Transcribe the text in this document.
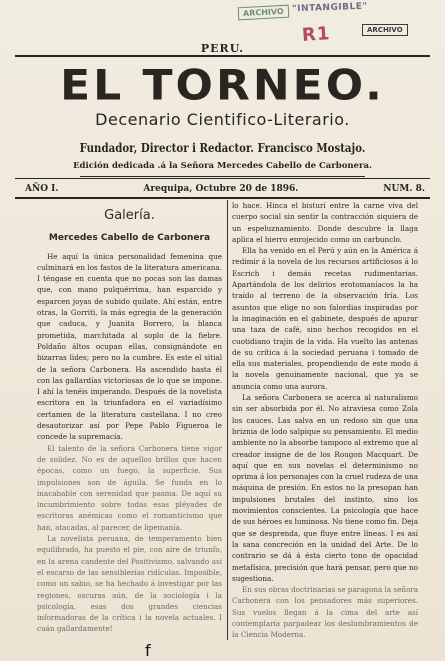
ARCHIVO "INTANGIBLE"
R1	ARCHIVO
PERU.
EL TORNEO.
Decenario Cientifico-Literario.
Fundador, Director i Redactor. Francisco Mostajo.
Edición dedicada .á la Señora Mercedes Cabello de Carbonera.
AÑO I.	Arequipa, Octubre 20 de 1896.	NUM. 8.
Galería.
Mercedes Cabello de Carbonera

He aquí la única personalidad femenina que culminará en los fastos de la literatura americana. I téngase en cuenta que no pocas son las damas que, con mano pulquérrima, han esparcido y esparcen joyas de subido quilate. Ahí están, entre otras, la Gorriti, la más egregia de la generación que caduca, y Juanita Borrero, la blanca prometida, marchitada al soplo de la fiebre. Poldaño áltos ocupan ellas, consignándote en bizarras lides; pero no la cumbre. Es este el sitial de la señora Carbonera. Ha ascendido hasta él con las gallardías victoriosas de lo que se impone. I ahí la tenéis imperando. Después de la novelista escritora en la triunfadora en el variadísimo certamen de la literatura castellana. I no creo desautorizar así por Pepe Pablo Figueroa le concede la supremacía.

El talento de la señora Carbonera tiene vigor de solidez. No es de aquellos brillos que hacen épocas, como un fuego, la superficie. Sus impulsiones son de águila. Se funda en lo inacabable con serenidad que pasma. De aquí su incumbrimiento sobre todas esas pléyades de escritoras anémicas como el romanticismo que han, atacadas, al parecer, de lipemanía.

La novelista peruana, de temperamento bien equilibrado, ha puesto el pie, con aire de triunfo, en la arena candente del Positivismo, salvando así el escarso de las sensiblerías ridículas. Imposible, como un sabio, se ha hechado á investigar por las regiones, oscuras aún, de la sociología i la psicología, esas dos grandes ciencias informadoras de la crítica i la novela actuales. I cuán gallardamente!

lo hace. Hinca el bisturí entre la carne viva del cuerpo social sin sentir la contracción siquiera de un espeluznamiento. Donde descubre la llaga aplica el hierro enrojecido como un carbunclo.

Ella ha venido en el Perú y aún en la América á redimir á la novela de los recursos artificiosos á lo Escrich i demás recetas rudimentarias. Apartándola de los delirios erotomaníacos la ha traído al terreno de la observación fría. Los asuntos que elige no son falordias inspiradas por la imaginación en el gabinete, después de apurar una taza de café, sino hechos recogidos en el cuotidiano trajín de la vida. Ha vuelto las antenas de su crítica á la sociedad peruana i tomado de ella sus materiales, propendiendo de este modo á la novela genuinamente nacional, que ya se anuncia como una aurora.

La señora Carbonera se acerca al naturalismo sin ser absorbida por él. No atraviesa como Zola los cauces. Las salva en un redoso sin que una briznia de lodo salpique su pensamiento. El medio ambiente no la absorbe tampoco al extremo que al creador insigne de de los Rougon Macquart. De aquí que en sus novelas el determinismo no oprima á los personajes con la cruel rudeza de una máquina de presión. En estos no la presopan han impulsiones brutales del instinto, sino los movimientos conscientes. La psicología que hace de sus héroes es luminosa. No tiene como fin. Deja que se desprenda, que fluye entre líneas. I es así la sana concreción en la unidad del Arte. De lo contrario se dá á ésta cierto tono de opacidad metafísica, precisión que hará pensar, pero que no sugestiona.

En sus obras doctrinarias se paragona la señora Carbonera con los pensadores más superiores. Sus vuelos llegan á la cima del arte así contemplaría parpadear los deslumbramientos de la Ciencia Moderna.

f
